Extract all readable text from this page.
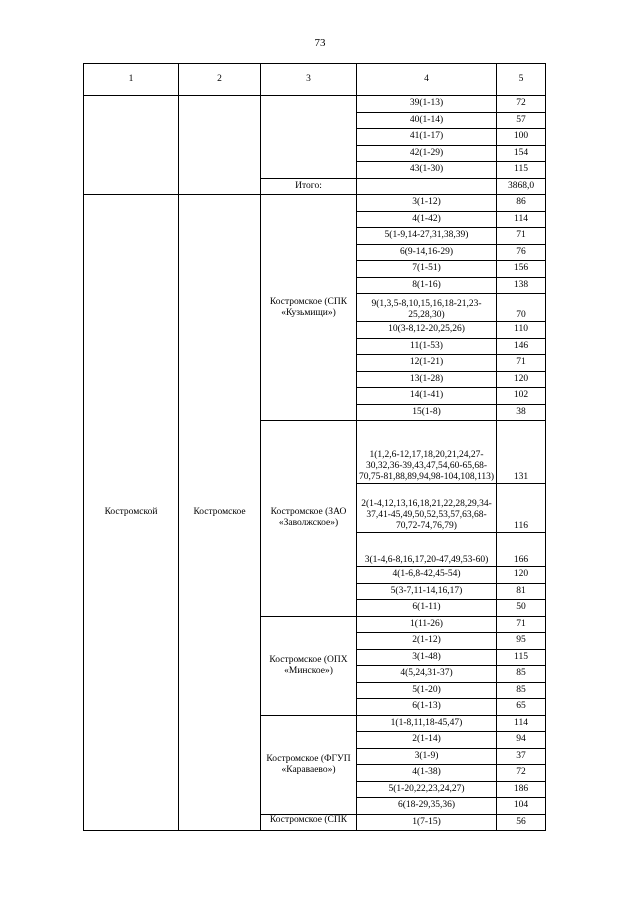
73
1	2	3	4	5
			39(1-13)	72
			40(1-14)	57
			41(1-17)	100
			42(1-29)	154
			43(1-30)	115
		Итого:		3868,0
Костромской	Костромское	Костромское (СПК «Кузьмищи»)	3(1-12)	86
			4(1-42)	114
			5(1-9,14-27,31,38,39)	71
			6(9-14,16-29)	76
			7(1-51)	156
			8(1-16)	138
			9(1,3,5-8,10,15,16,18-21,23-25,28,30)	70
			10(3-8,12-20,25,26)	110
			11(1-53)	146
			12(1-21)	71
			13(1-28)	120
			14(1-41)	102
			15(1-8)	38
		Костромское (ЗАО «Заволжское»)	1(1,2,6-12,17,18,20,21,24,27-30,32,36-39,43,47,54,60-65,68-70,75-81,88,89,94,98-104,108,113)	131
			2(1-4,12,13,16,18,21,22,28,29,34-37,41-45,49,50,52,53,57,63,68-70,72-74,76,79)	116
			3(1-4,6-8,16,17,20-47,49,53-60)	166
			4(1-6,8-42,45-54)	120
			5(3-7,11-14,16,17)	81
			6(1-11)	50
		Костромское (ОПХ «Минское»)	1(11-26)	71
			2(1-12)	95
			3(1-48)	115
			4(5,24,31-37)	85
			5(1-20)	85
			6(1-13)	65
		Костромское (ФГУП «Караваево»)	1(1-8,11,18-45,47)	114
			2(1-14)	94
			3(1-9)	37
			4(1-38)	72
			5(1-20,22,23,24,27)	186
			6(18-29,35,36)	104
		Костромское (СПК	1(7-15)	56
